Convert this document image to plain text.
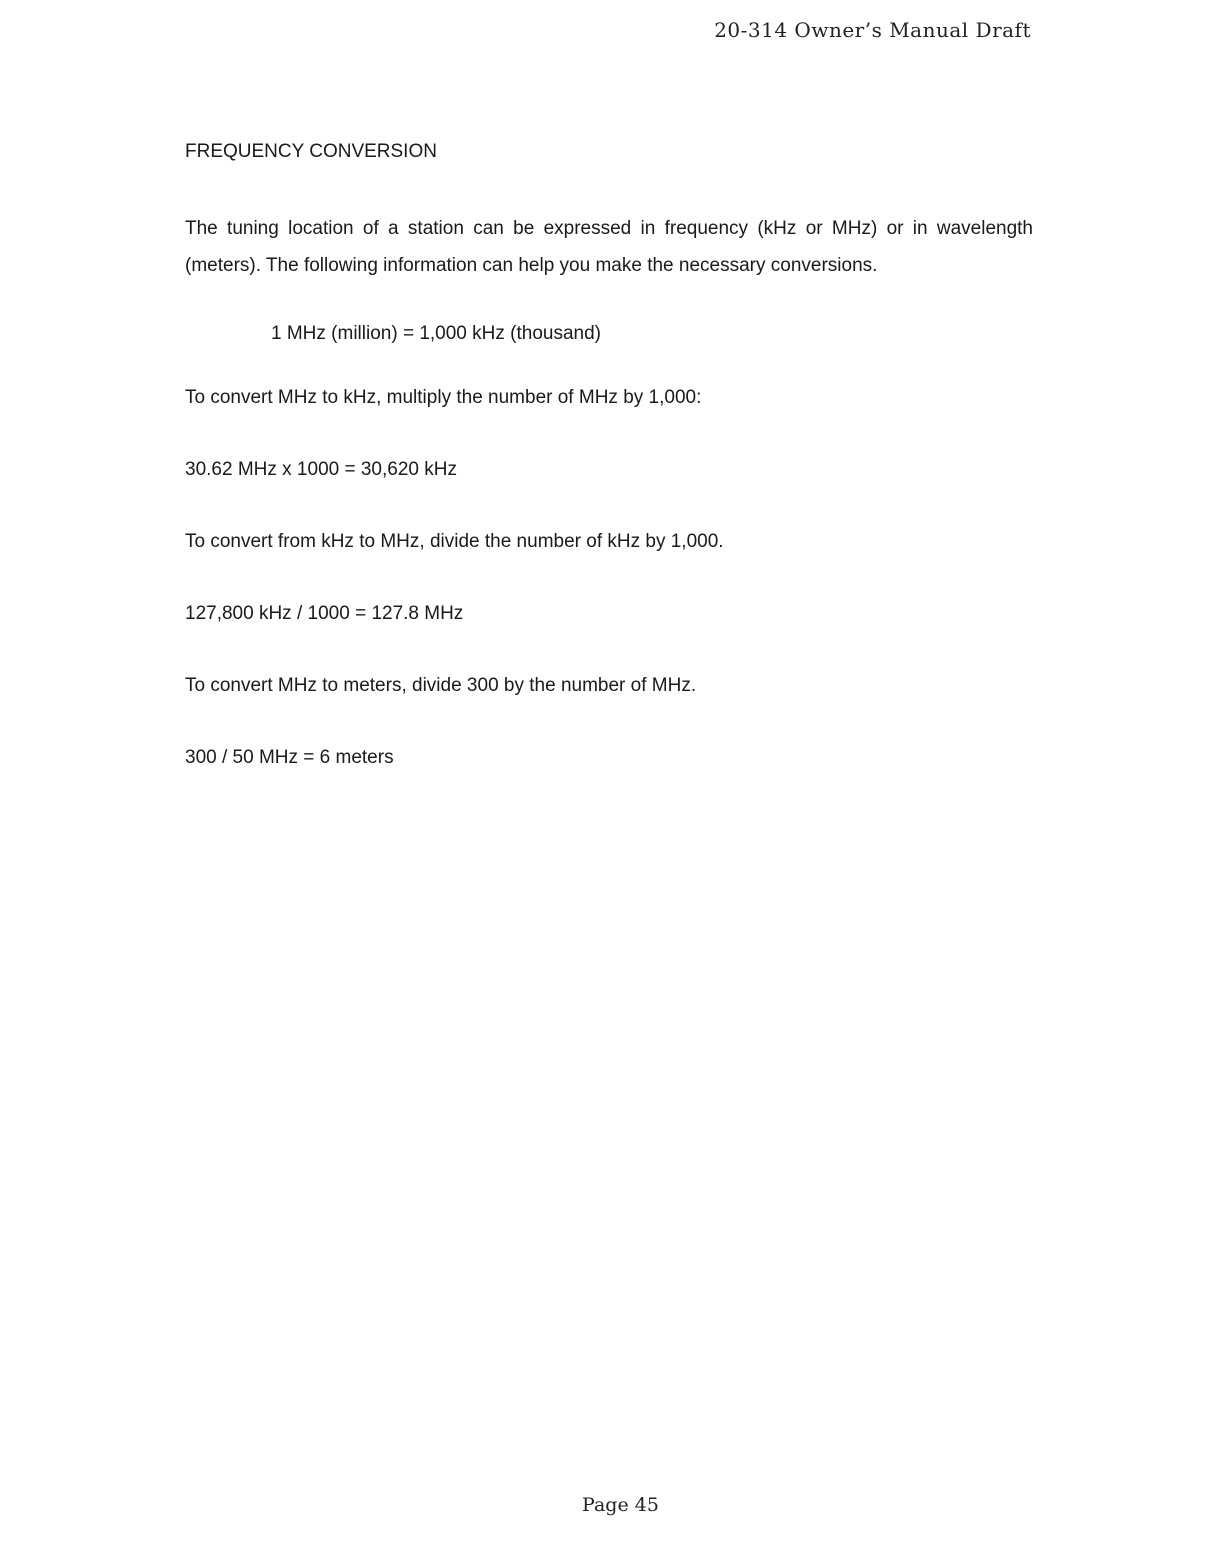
20-314 Owner’s Manual Draft

FREQUENCY CONVERSION

The tuning location of a station can be expressed in frequency (kHz or MHz) or in wavelength (meters). The following information can help you make the necessary conversions.

1 MHz (million) = 1,000 kHz (thousand)

To convert MHz to kHz, multiply the number of MHz by 1,000:

30.62 MHz x 1000 = 30,620 kHz

To convert from kHz to MHz, divide the number of kHz by 1,000.

127,800 kHz / 1000 = 127.8 MHz

To convert MHz to meters, divide 300 by the number of MHz.

300 / 50 MHz = 6 meters

Page 45
